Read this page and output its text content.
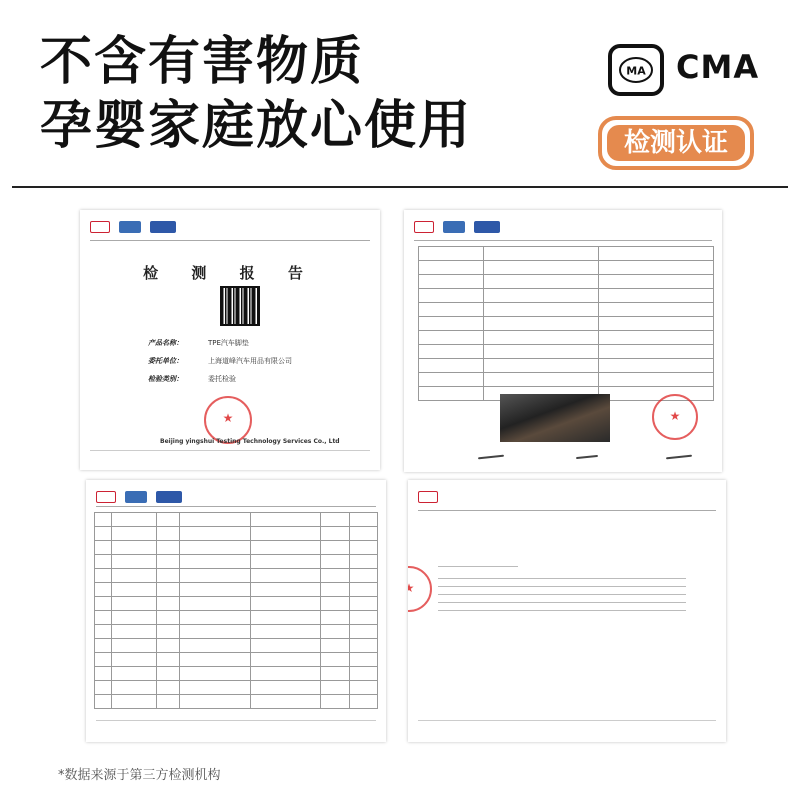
不含有害物质
孕婴家庭放心使用
MA CMA
检测认证

检 测 报 告
产品名称：	TPE汽车脚垫
委托单位：	上海道峰汽车用品有限公司
检验类别：	委托检验
★
Beijing yingshui Testing Technology Services Co., Ltd

★

★
*数据来源于第三方检测机构
